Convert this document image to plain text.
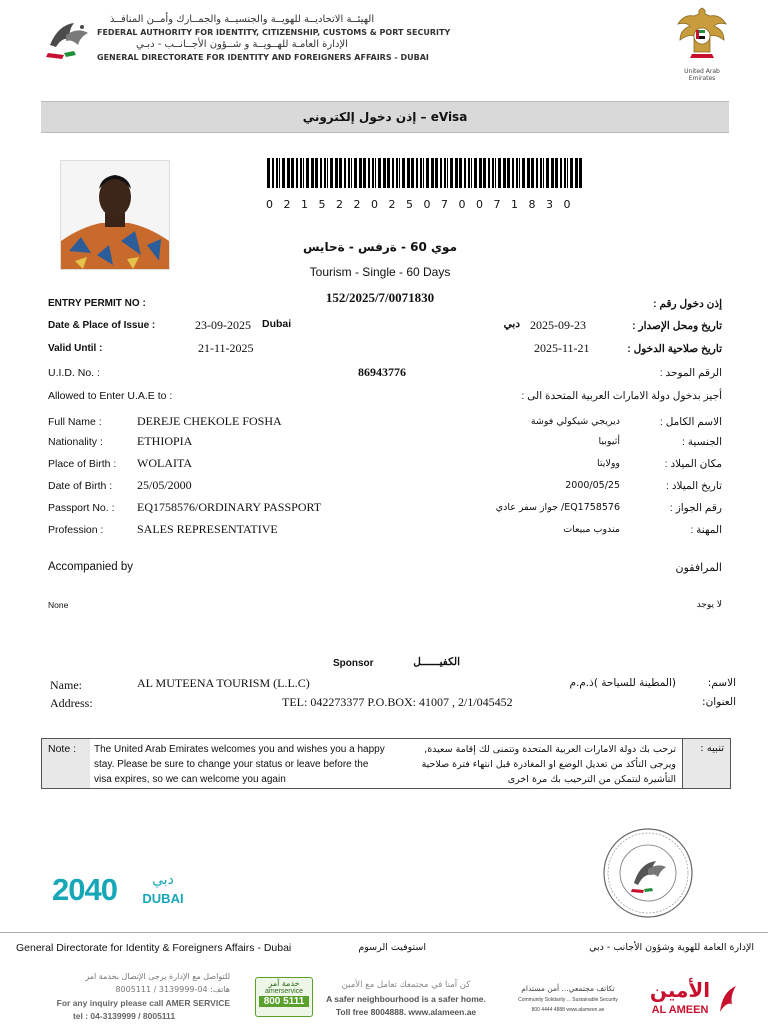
الهيئــة الاتحاديــة للهويــة والجنسيــة والجمــارك وأمــن المنافــذ
FEDERAL AUTHORITY FOR IDENTITY, CITIZENSHIP, CUSTOMS & PORT SECURITY
الإدارة العامـة للهــويــة و شــؤون الأجــانــب - دبـي
GENERAL DIRECTORATE FOR IDENTITY AND FOREIGNERS AFFAIRS - DUBAI
United Arab Emirates
إذن دخول إلكتروني – eVisa
0 2 1 5 2 2 0 2 5 0 7 0 0 7 1 8 3 0
موي 60 - ةرفس - ةحايس
Tourism - Single - 60 Days
ENTRY PERMIT NO :	152/2025/7/0071830	إذن دخول رقم :
Date & Place of Issue :	23-09-2025 Dubai	دبي 2025-09-23	تاريخ ومحل الإصدار :
Valid Until :	21-11-2025	2025-11-21	تاريخ صلاحية الدخول :
U.I.D. No. :	86943776	الرقم الموحد :
Allowed to Enter U.A.E to :	أجيز بدخول دولة الامارات العربية المتحدة الى :
Full Name :	DEREJE CHEKOLE FOSHA	ديريجي شيكولي فوشة	الاسم الكامل :
Nationality :	ETHIOPIA	أثيوبيا	الجنسية :
Place of Birth : WOLAITA	وولايتا	مكان الميلاد :
Date of Birth : 25/05/2000	2000/05/25	تاريخ الميلاد :
Passport No. : EQ1758576/ORDINARY PASSPORT	EQ1758576/ جواز سفر عادي	رقم الجواز :
Profession :	SALES REPRESENTATIVE	مندوب مبيعات	المهنة :
Accompanied by	المرافقون
None	لا يوجد
Sponsor	الكفيــــــل
Name:	AL MUTEENA TOURISM (L.L.C)	(المطينة للسياحة )ذ.م.م	الاسم:
Address:	TEL: 042273377 P.O.BOX: 41007 , 2/1/045452	العنوان:
Note :	The United Arab Emirates welcomes you and wishes you a happy stay. Please be sure to change your status or leave before the visa expires, so we can welcome you again
ترحب بك دولة الامارات العربية المتحدة وتتمنى لك إقامة سعيدة, ويرجى التأكد من تعديل الوضع او المغادرة قبل انتهاء فترة صلاحية التأشيرة لنتمكن من الترحيب بك مرة اخرى
تنبيه :
2040	دبي
DUBAI
General Directorate for Identity & Foreigners Affairs - Dubai	استوفيت الرسوم	الإدارة العامة للهوية وشؤون الأجانب - دبي
للتواصل مع الإدارة يرجى الإتصال بخدمة امر
هاتف: 04-3139999 / 8005111
For any inquiry please call AMER SERVICE
tel : 04-3139999 / 8005111
خدمة آمر
amerservice
800 5111
كن آمنا في مجتمعك تعامل مع الأمين
A safer neighbourhood is a safer home.
Toll free 8004888. www.alameen.ae
تكاتف مجتمعي... أمن مستدام
Community Solidarity ... Sustainable Security
800 4444 4888 www.alameen.ae
الأمين
AL AMEEN
